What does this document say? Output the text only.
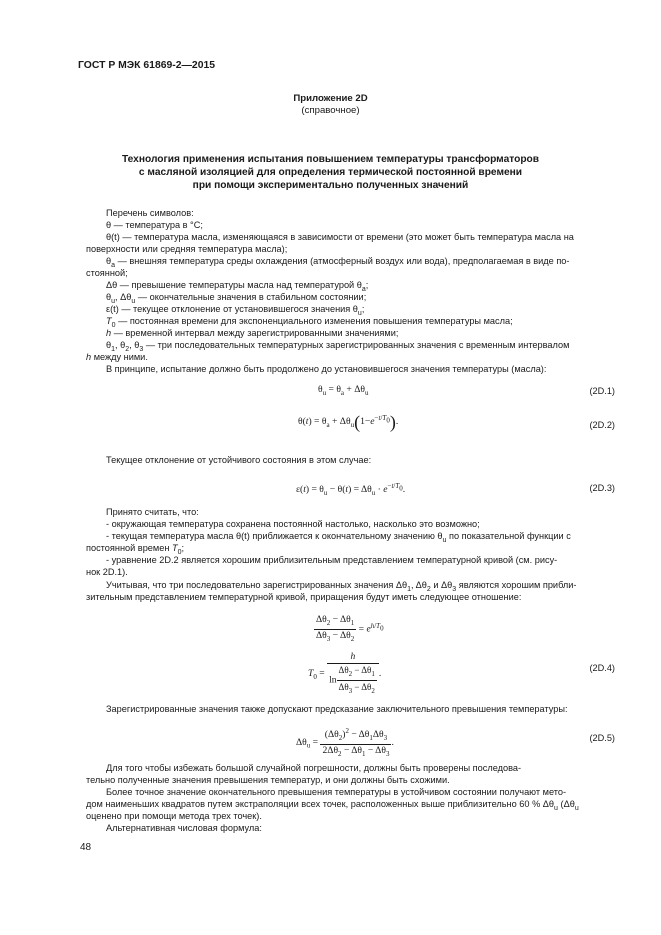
ГОСТ Р МЭК 61869-2—2015
Приложение 2D
(справочное)
Технология применения испытания повышением температуры трансформаторов
с масляной изоляцией для определения термической постоянной времени
при помощи экспериментально полученных значений
Перечень символов:
θ — температура в °C;
θ(t) — температура масла, изменяющаяся в зависимости от времени (это может быть температура масла на
поверхности или средняя температура масла);
$\theta_a$ — внешняя температура среды охлаждения (атмосферный воздух или вода), предполагаемая в виде по-
стоянной;
Δθ — превышение температуры масла над температурой $\theta_a$;
$\theta_u$, $\Delta\theta_u$ — окончательные значения в стабильном состоянии;
ε(t) — текущее отклонение от установившегося значения $\theta_u$;
$T_0$ — постоянная времени для экспоненциального изменения повышения температуры масла;
h — временной интервал между зарегистрированными значениями;
$\theta_1$, $\theta_2$, $\theta_3$ — три последовательных температурных зарегистрированных значения с временным интервалом
h между ними.
В принципе, испытание должно быть продолжено до установившегося значения температуры (масла):
$\theta_u = \theta_a + \Delta\theta_u$	(2D.1)
$\theta(t) = \theta_a + \Delta\theta_u(1-e^{-t/T_0})$.	(2D.2)
Текущее отклонение от устойчивого состояния в этом случае:
$\varepsilon(t) = \theta_u - \theta(t) = \Delta\theta_u \cdot e^{-t/T_0}$.	(2D.3)
Принято считать, что:
- окружающая температура сохранена постоянной настолько, насколько это возможно;
- текущая температура масла θ(t) приближается к окончательному значению $\theta_u$ по показательной функции с
постоянной времен $T_0$;
- уравнение 2D.2 является хорошим приблизительным представлением температурной кривой (см. рису-
нок 2D.1).
Учитывая, что три последовательно зарегистрированных значения $\Delta\theta_1$, $\Delta\theta_2$ и $\Delta\theta_3$ являются хорошим прибли-
зительным представлением температурной кривой, приращения будут иметь следующее отношение:
$\frac{\Delta\theta_2 - \Delta\theta_1}{\Delta\theta_3 - \Delta\theta_2} = e^{h/T_0}$
$T_0 = \frac{h}{\ln \frac{\Delta\theta_2 - \Delta\theta_1}{\Delta\theta_3 - \Delta\theta_2}}$ .
(2D.4)
Зарегистрированные значения также допускают предсказание заключительного превышения температуры:
$\Delta\theta_u = \frac{(\Delta\theta_2)^2 - \Delta\theta_1\Delta\theta_3}{2\Delta\theta_2 - \Delta\theta_1 - \Delta\theta_3}$ .	(2D.5)
Для того чтобы избежать большой случайной погрешности, должны быть проверены последова-
тельно полученные значения превышения температур, и они должны быть схожими.
Более точное значение окончательного превышения температуры в устойчивом состоянии получают мето-
дом наименьших квадратов путем экстраполяции всех точек, расположенных выше приблизительно 60 % $\Delta\theta_u$ ($\Delta\theta_u$
оценено при помощи метода трех точек).
Альтернативная числовая формула:
48
